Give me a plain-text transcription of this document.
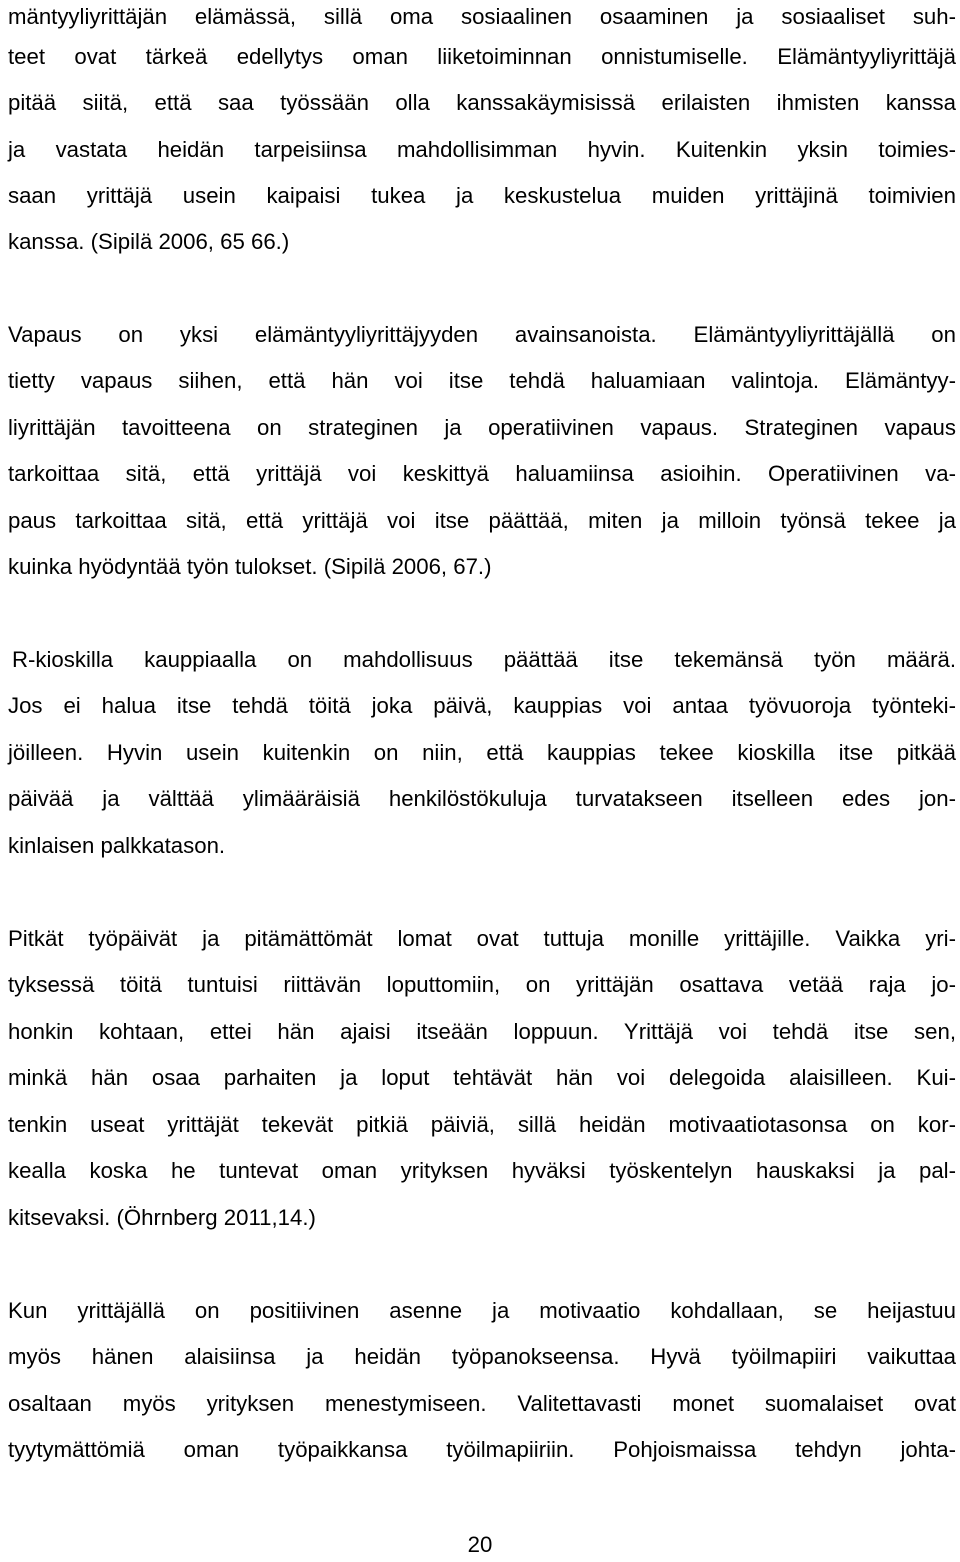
mäntyyliyrittäjän elämässä, sillä oma sosiaalinen osaaminen ja sosiaaliset suh-
teet ovat tärkeä edellytys oman liiketoiminnan onnistumiselle. Elämäntyyliyrittäjä
pitää siitä, että saa työssään olla kanssakäymisissä erilaisten ihmisten kanssa
ja vastata heidän tarpeisiinsa mahdollisimman hyvin. Kuitenkin yksin toimies-
saan yrittäjä usein kaipaisi tukea ja keskustelua muiden yrittäjinä toimivien
kanssa. (Sipilä 2006, 65 66.)
Vapaus on yksi elämäntyyliyrittäjyyden avainsanoista. Elämäntyyliyrittäjällä on
tietty vapaus siihen, että hän voi itse tehdä haluamiaan valintoja. Elämäntyy-
liyrittäjän tavoitteena on strateginen ja operatiivinen vapaus. Strateginen vapaus
tarkoittaa sitä, että yrittäjä voi keskittyä haluamiinsa asioihin. Operatiivinen va-
paus tarkoittaa sitä, että yrittäjä voi itse päättää, miten ja milloin työnsä tekee ja
kuinka hyödyntää työn tulokset. (Sipilä 2006, 67.)
R-kioskilla kauppiaalla on mahdollisuus päättää itse tekemänsä työn määrä.
Jos ei halua itse tehdä töitä joka päivä, kauppias voi antaa työvuoroja työnteki-
jöilleen. Hyvin usein kuitenkin on niin, että kauppias tekee kioskilla itse pitkää
päivää ja välttää ylimääräisiä henkilöstökuluja turvatakseen itselleen edes jon-
kinlaisen palkkatason.
Pitkät työpäivät ja pitämättömät lomat ovat tuttuja monille yrittäjille. Vaikka yri-
tyksessä töitä tuntuisi riittävän loputtomiin, on yrittäjän osattava vetää raja jo-
honkin kohtaan, ettei hän ajaisi itseään loppuun. Yrittäjä voi tehdä itse sen,
minkä hän osaa parhaiten ja loput tehtävät hän voi delegoida alaisilleen. Kui-
tenkin useat yrittäjät tekevät pitkiä päiviä, sillä heidän motivaatiotasonsa on kor-
kealla koska he tuntevat oman yrityksen hyväksi työskentelyn hauskaksi ja pal-
kitsevaksi. (Öhrnberg 2011,14.)
Kun yrittäjällä on positiivinen asenne ja motivaatio kohdallaan, se heijastuu
myös hänen alaisiinsa ja heidän työpanokseensa. Hyvä työilmapiiri vaikuttaa
osaltaan myös yrityksen menestymiseen. Valitettavasti monet suomalaiset ovat
tyytymättömiä oman työpaikkansa työilmapiiriin. Pohjoismaissa tehdyn johta-
20
